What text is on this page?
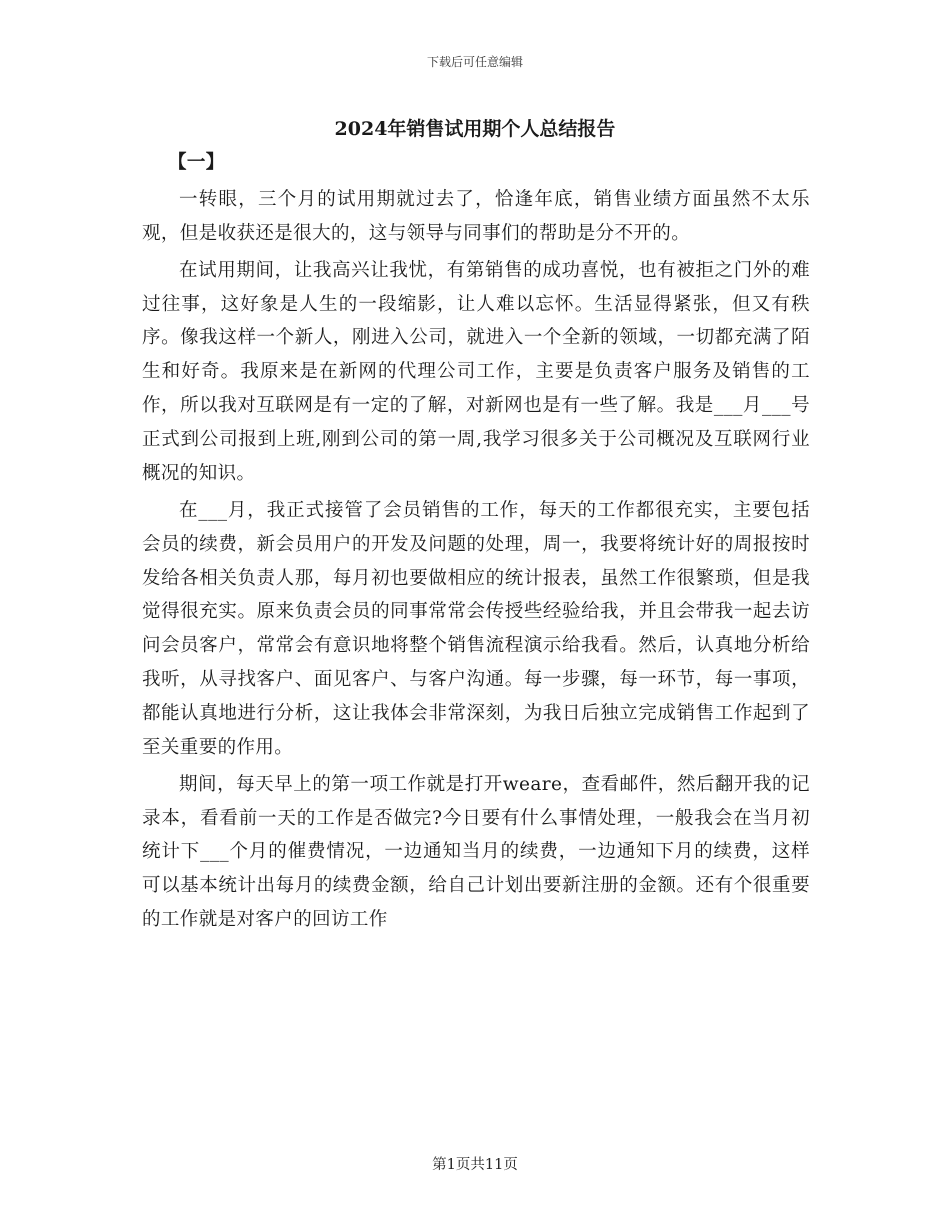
下载后可任意编辑
2024年销售试用期个人总结报告
【一】

一转眼，三个月的试用期就过去了，恰逢年底，销售业绩方面虽然不太乐观，但是收获还是很大的，这与领导与同事们的帮助是分不开的。

在试用期间，让我高兴让我忧，有第销售的成功喜悦，也有被拒之门外的难过往事，这好象是人生的一段缩影，让人难以忘怀。生活显得紧张，但又有秩序。像我这样一个新人，刚进入公司，就进入一个全新的领域，一切都充满了陌生和好奇。我原来是在新网的代理公司工作，主要是负责客户服务及销售的工作，所以我对互联网是有一定的了解，对新网也是有一些了解。我是___月___号正式到公司报到上班,刚到公司的第一周,我学习很多关于公司概况及互联网行业概况的知识。

在___月，我正式接管了会员销售的工作，每天的工作都很充实，主要包括会员的续费，新会员用户的开发及问题的处理，周一，我要将统计好的周报按时发给各相关负责人那，每月初也要做相应的统计报表，虽然工作很繁琐，但是我觉得很充实。原来负责会员的同事常常会传授些经验给我，并且会带我一起去访问会员客户，常常会有意识地将整个销售流程演示给我看。然后，认真地分析给我听，从寻找客户、面见客户、与客户沟通。每一步骤，每一环节，每一事项，都能认真地进行分析，这让我体会非常深刻，为我日后独立完成销售工作起到了至关重要的作用。

期间，每天早上的第一项工作就是打开weare，查看邮件，然后翻开我的记录本，看看前一天的工作是否做完?今日要有什么事情处理，一般我会在当月初统计下___个月的催费情况，一边通知当月的续费，一边通知下月的续费，这样可以基本统计出每月的续费金额，给自己计划出要新注册的金额。还有个很重要的工作就是对客户的回访工作

第1页共11页
